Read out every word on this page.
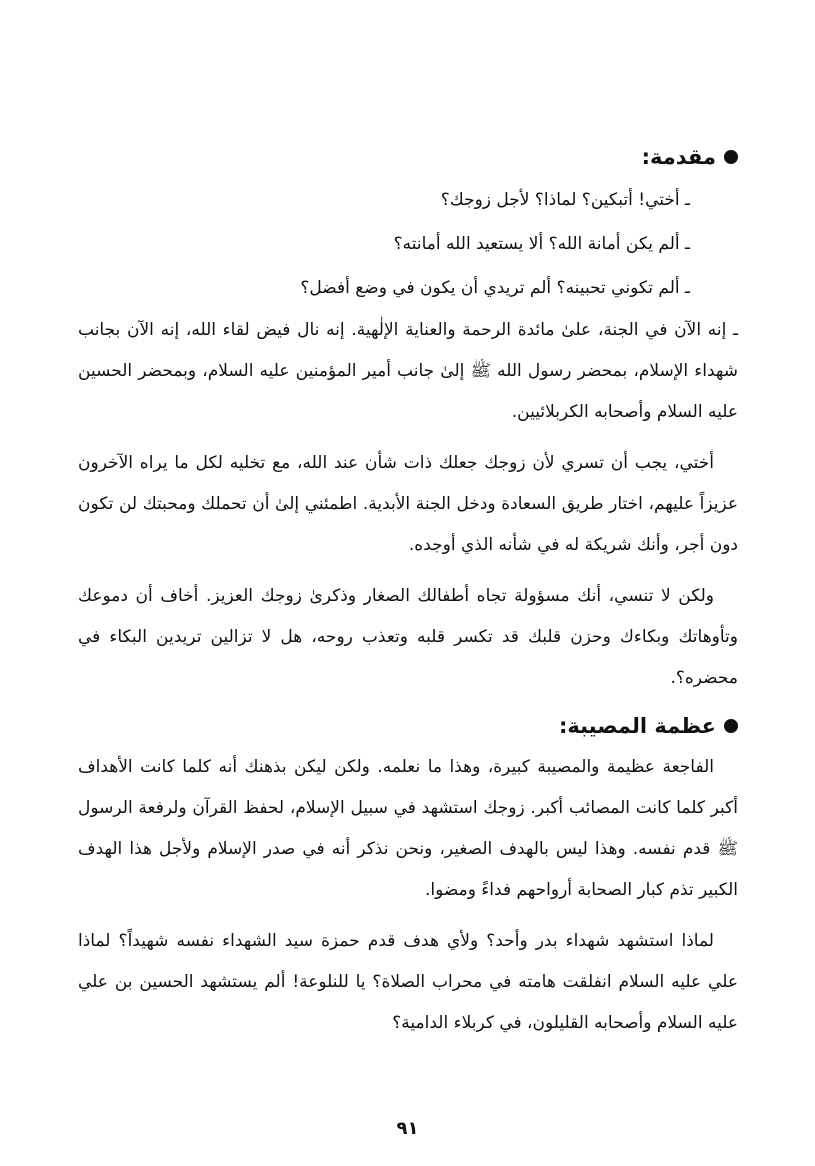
مقدمة:

ـ أختي! أتبكين؟ لماذا؟ لأجل زوجك؟

ـ ألم يكن أمانة الله؟ ألا يستعيد الله أمانته؟

ـ ألم تكوني تحبينه؟ ألم تريدي أن يكون في وضع أفضل؟

ـ إنه الآن في الجنة، علىٰ مائدة الرحمة والعناية الإلٰهية. إنه نال فيض لقاء الله، إنه الآن بجانب شهداء الإسلام، بمحضر رسول الله ﷺ إلىٰ جانب أمير المؤمنين عليه السلام، وبمحضر الحسين عليه السلام وأصحابه الكربلائيين.

أختي، يجب أن تسري لأن زوجك جعلك ذات شأن عند الله، مع تخليه لكل ما يراه الآخرون عزيزاً عليهم، اختار طريق السعادة ودخل الجنة الأبدية. اطمئني إلىٰ أن تحملك ومحبتك لن تكون دون أجر، وأنك شريكة له في شأنه الذي أوجده.

ولكن لا تنسي، أنك مسؤولة تجاه أطفالك الصغار وذكرىٰ زوجك العزيز. أخاف أن دموعك وتأوهاتك وبكاءك وحزن قلبك قد تكسر قلبه وتعذب روحه، هل لا تزالين تريدين البكاء في محضره؟.

عظمة المصيبة:

الفاجعة عظيمة والمصيبة كبيرة، وهذا ما نعلمه. ولكن ليكن بذهنك أنه كلما كانت الأهداف أكبر كلما كانت المصائب أكبر. زوجك استشهد في سبيل الإسلام، لحفظ القرآن ولرفعة الرسول ﷺ قدم نفسه. وهذا ليس بالهدف الصغير، ونحن نذكر أنه في صدر الإسلام ولأجل هذا الهدف الكبير تذم كبار الصحابة أرواحهم فداءً ومضوا.

لماذا استشهد شهداء بدر وأحد؟ ولأي هدف قدم حمزة سيد الشهداء نفسه شهيداً؟ لماذا علي عليه السلام انفلقت هامته في محراب الصلاة؟ يا للنلوعة! ألم يستشهد الحسين بن علي عليه السلام وأصحابه القليلون، في كربلاء الدامية؟

٩١
